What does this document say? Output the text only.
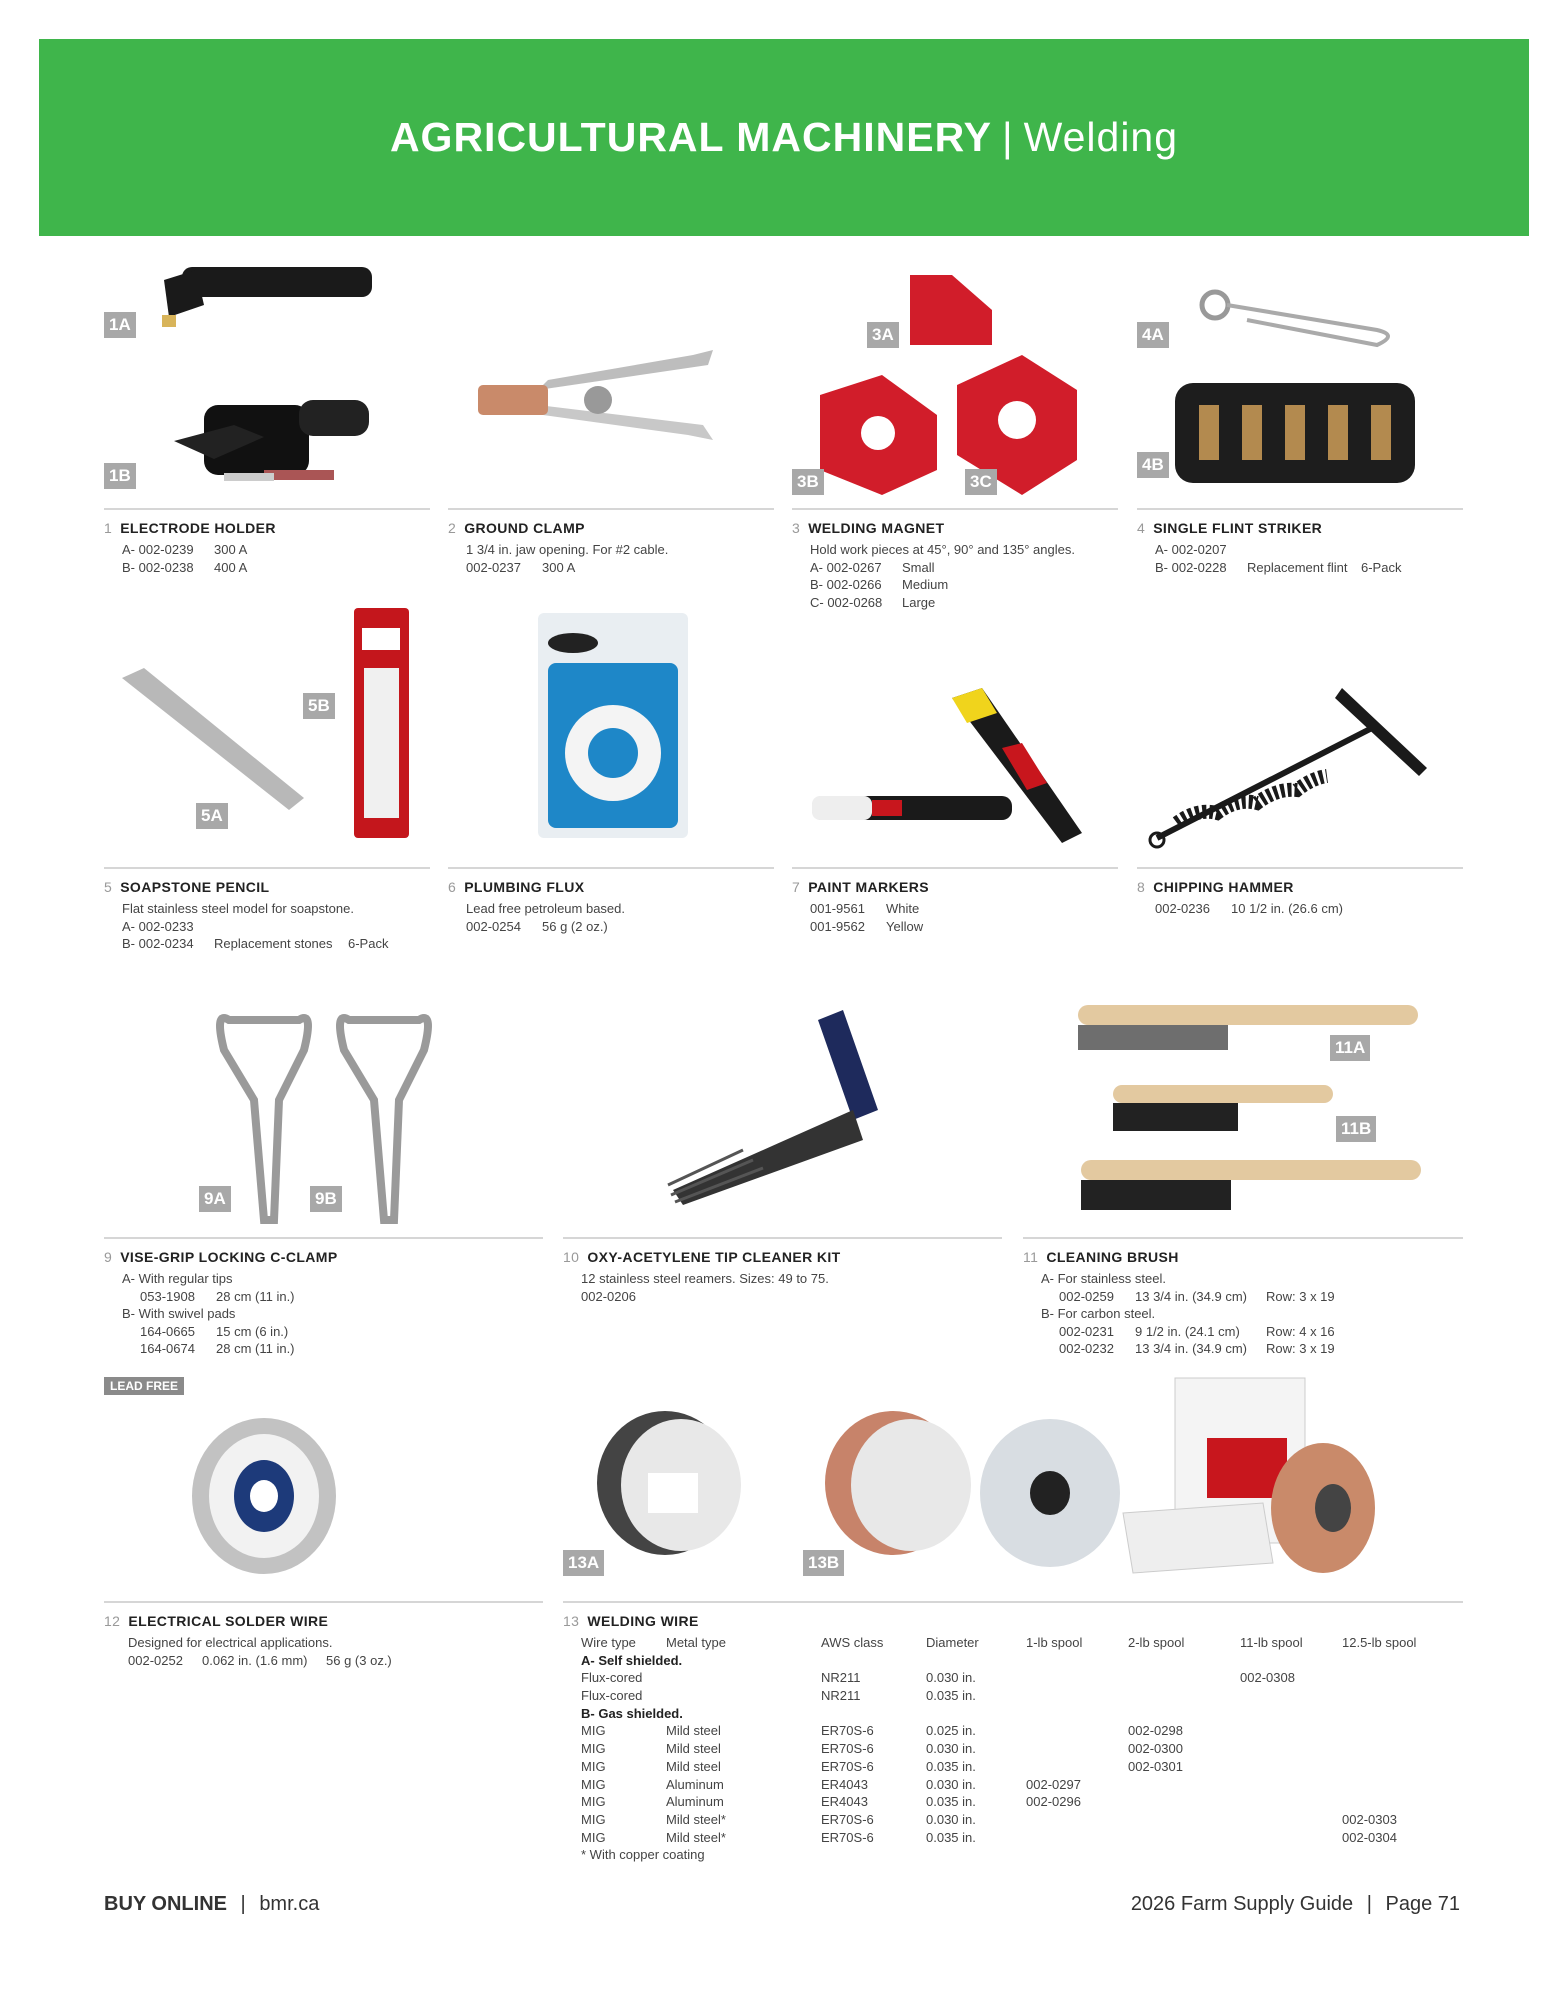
AGRICULTURAL MACHINERY | Welding
1A
1B
1 ELECTRODE HOLDER
A- 002-0239	300 A
B- 002-0238	400 A
2 GROUND CLAMP
1 3/4 in. jaw opening. For #2 cable.
002-0237	300 A
3A
3B	3C
3 WELDING MAGNET
Hold work pieces at 45°, 90° and 135° angles.
A- 002-0267	Small
B- 002-0266	Medium
C- 002-0268	Large
4A
4B
4 SINGLE FLINT STRIKER
A- 002-0207
B- 002-0228	Replacement flint	6-Pack
5A
5B
5 SOAPSTONE PENCIL
Flat stainless steel model for soapstone.
A- 002-0233
B- 002-0234	Replacement stones	6-Pack
6 PLUMBING FLUX
Lead free petroleum based.
002-0254	56 g (2 oz.)
7 PAINT MARKERS
001-9561	White
001-9562	Yellow
8 CHIPPING HAMMER
002-0236	10 1/2 in. (26.6 cm)
9A	9B
9 VISE-GRIP LOCKING C-CLAMP
A- With regular tips
053-1908	28 cm (11 in.)
B- With swivel pads
164-0665	15 cm (6 in.)
164-0674	28 cm (11 in.)
10 OXY-ACETYLENE TIP CLEANER KIT
12 stainless steel reamers. Sizes: 49 to 75.
002-0206
11A
11B
11 CLEANING BRUSH
A- For stainless steel.
002-0259	13 3/4 in. (34.9 cm)	Row: 3 x 19
B- For carbon steel.
002-0231	9 1/2 in. (24.1 cm)	Row: 4 x 16
002-0232	13 3/4 in. (34.9 cm)	Row: 3 x 19
LEAD FREE
12 ELECTRICAL SOLDER WIRE
Designed for electrical applications.
002-0252	0.062 in. (1.6 mm)	56 g (3 oz.)
13A	13B
13 WELDING WIRE
Wire type	Metal type	AWS class	Diameter	1-lb spool	2-lb spool	11-lb spool	12.5-lb spool
A- Self shielded.							
Flux-cored		NR211	0.030 in.			002-0308	
Flux-cored		NR211	0.035 in.				
B- Gas shielded.							
MIG	Mild steel	ER70S-6	0.025 in.		002-0298		
MIG	Mild steel	ER70S-6	0.030 in.		002-0300		
MIG	Mild steel	ER70S-6	0.035 in.		002-0301		
MIG	Aluminum	ER4043	0.030 in.	002-0297			
MIG	Aluminum	ER4043	0.035 in.	002-0296			
MIG	Mild steel*	ER70S-6	0.030 in.				002-0303
MIG	Mild steel*	ER70S-6	0.035 in.				002-0304
* With copper coating							
BUY ONLINE | bmr.ca	2026 Farm Supply Guide | Page 71
